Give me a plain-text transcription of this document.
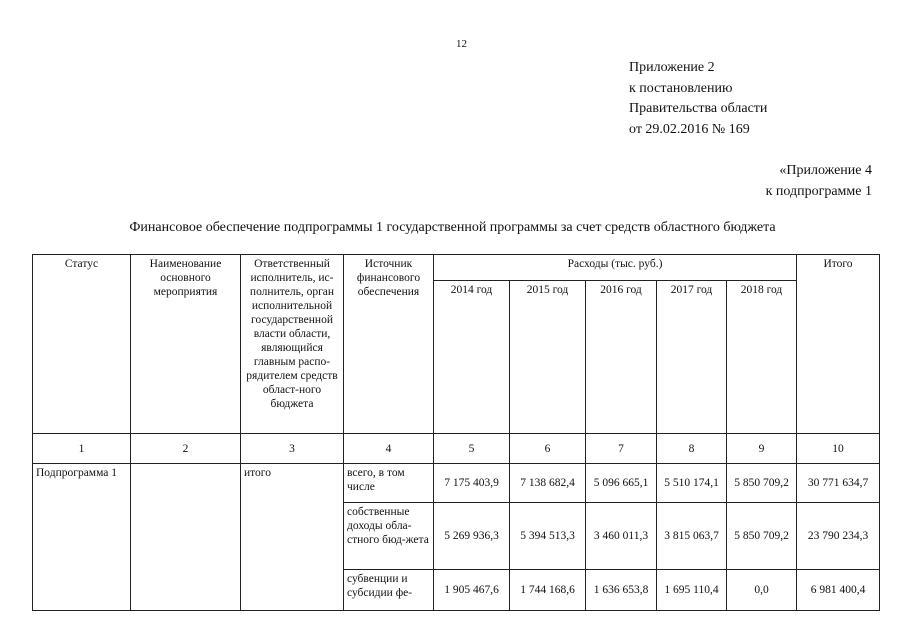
12
Приложение 2
к постановлению
Правительства области
от 29.02.2016 № 169
«Приложение 4
к подпрограмме 1
Финансовое обеспечение подпрограммы 1 государственной программы за счет средств областного бюджета
Статус	Наименование основного мероприятия	Ответственный исполнитель, ис-полнитель, орган исполнительной государственной власти области, являющийся главным распо-рядителем средств област-ного бюджета	Источник финансового обеспечения	Расходы (тыс. руб.)					Итого
				2014 год	2015 год	2016 год	2017 год	2018 год	
1	2	3	4	5	6	7	8	9	10
Подпрограмма 1		итого	всего, в том числе	7 175 403,9	7 138 682,4	5 096 665,1	5 510 174,1	5 850 709,2	30 771 634,7
			собственные доходы обла-стного бюд-жета	5 269 936,3	5 394 513,3	3 460 011,3	3 815 063,7	5 850 709,2	23 790 234,3
			субвенции и субсидии фе-	1 905 467,6	1 744 168,6	1 636 653,8	1 695 110,4	0,0	6 981 400,4
